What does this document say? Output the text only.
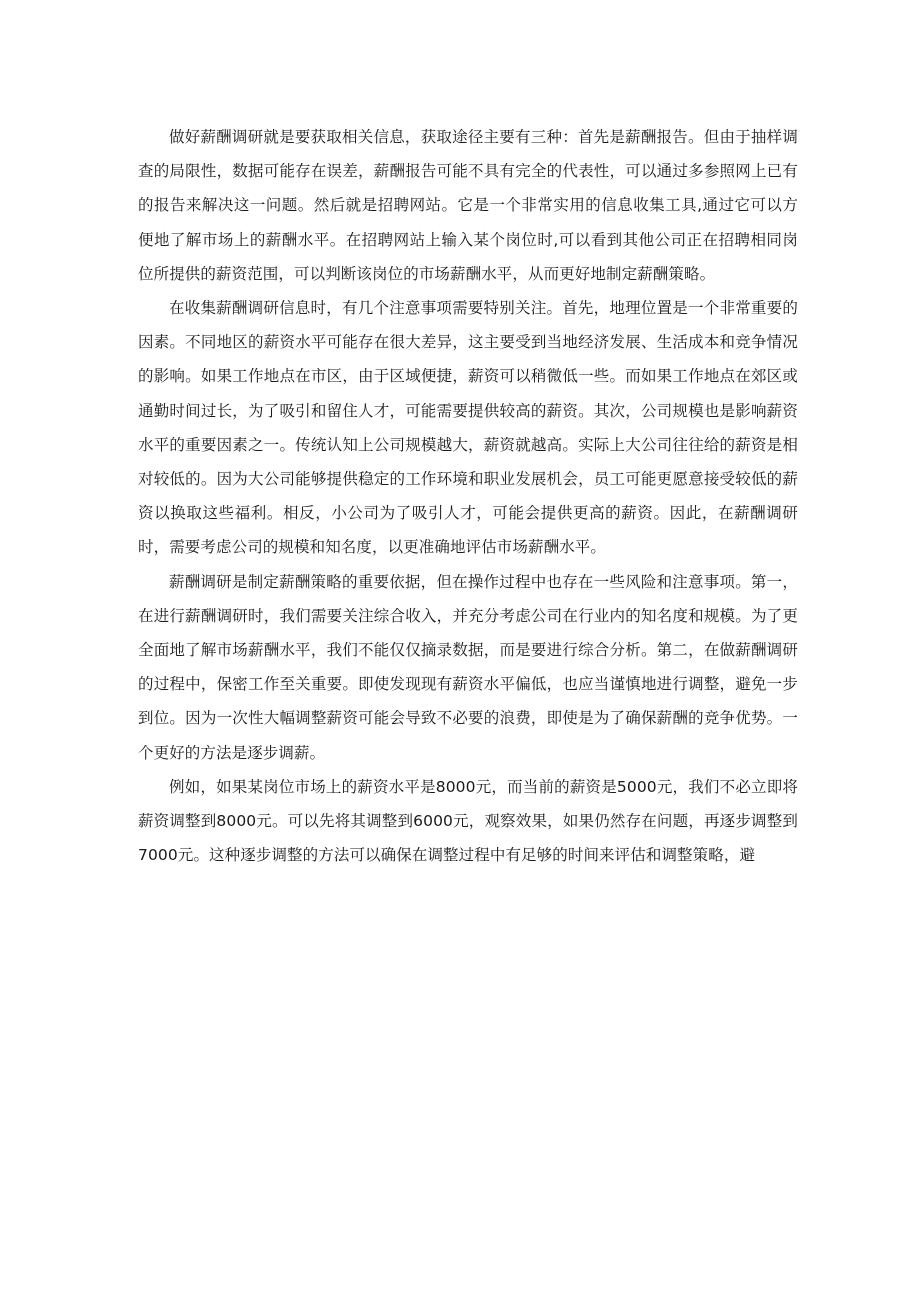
做好薪酬调研就是要获取相关信息，获取途径主要有三种：首先是薪酬报告。但由于抽样调查的局限性，数据可能存在误差，薪酬报告可能不具有完全的代表性，可以通过多参照网上已有的报告来解决这一问题。然后就是招聘网站。它是一个非常实用的信息收集工具,通过它可以方便地了解市场上的薪酬水平。在招聘网站上输入某个岗位时,可以看到其他公司正在招聘相同岗位所提供的薪资范围，可以判断该岗位的市场薪酬水平，从而更好地制定薪酬策略。

在收集薪酬调研信息时，有几个注意事项需要特别关注。首先，地理位置是一个非常重要的因素。不同地区的薪资水平可能存在很大差异，这主要受到当地经济发展、生活成本和竞争情况的影响。如果工作地点在市区，由于区域便捷，薪资可以稍微低一些。而如果工作地点在郊区或通勤时间过长，为了吸引和留住人才，可能需要提供较高的薪资。其次，公司规模也是影响薪资水平的重要因素之一。传统认知上公司规模越大，薪资就越高。实际上大公司往往给的薪资是相对较低的。因为大公司能够提供稳定的工作环境和职业发展机会，员工可能更愿意接受较低的薪资以换取这些福利。相反，小公司为了吸引人才，可能会提供更高的薪资。因此，在薪酬调研时，需要考虑公司的规模和知名度，以更准确地评估市场薪酬水平。

薪酬调研是制定薪酬策略的重要依据，但在操作过程中也存在一些风险和注意事项。第一，在进行薪酬调研时，我们需要关注综合收入，并充分考虑公司在行业内的知名度和规模。为了更全面地了解市场薪酬水平，我们不能仅仅摘录数据，而是要进行综合分析。第二，在做薪酬调研的过程中，保密工作至关重要。即使发现现有薪资水平偏低，也应当谨慎地进行调整，避免一步到位。因为一次性大幅调整薪资可能会导致不必要的浪费，即使是为了确保薪酬的竞争优势。一个更好的方法是逐步调薪。

例如，如果某岗位市场上的薪资水平是8000元，而当前的薪资是5000元，我们不必立即将薪资调整到8000元。可以先将其调整到6000元，观察效果，如果仍然存在问题，再逐步调整到7000元。这种逐步调整的方法可以确保在调整过程中有足够的时间来评估和调整策略，避
